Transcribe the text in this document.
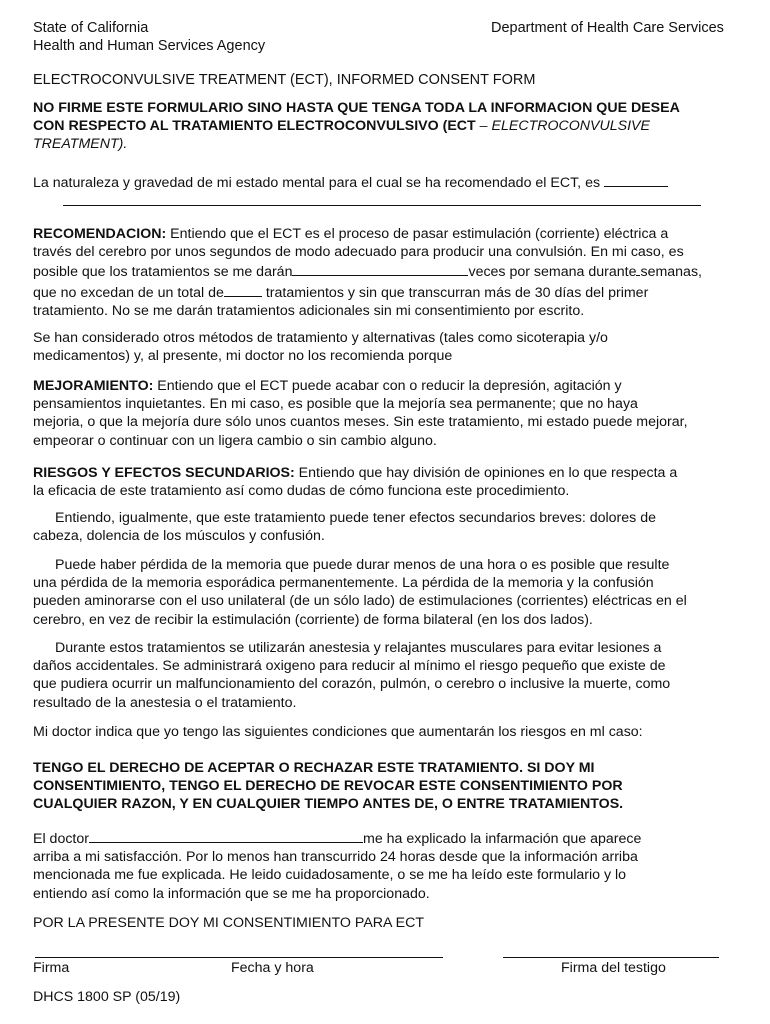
State of California
Health and Human Services Agency
Department of Health Care Services
ELECTROCONVULSIVE TREATMENT (ECT), INFORMED CONSENT FORM
NO FIRME ESTE FORMULARIO SINO HASTA QUE TENGA TODA LA INFORMACION QUE DESEA
CON RESPECTO AL TRATAMIENTO ELECTROCONVULSIVO (ECT – ELECTROCONVULSIVE
TREATMENT).
La naturaleza y gravedad de mi estado mental para el cual se ha recomendado el ECT, es
RECOMENDACION: Entiendo que el ECT es el proceso de pasar estimulación (corriente) eléctrica a
través del cerebro por unos segundos de modo adecuado para producir una convulsión. En mi caso, es
posible que los tratamientos se me darán	veces por semana durante semanas,
que no excedan de un total de	tratamientos y sin que transcurran más de 30 días del primer
tratamiento. No se me darán tratamientos adicionales sin mi consentimiento por escrito.
Se han considerado otros métodos de tratamiento y alternativas (tales como sicoterapia y/o
medicamentos) y, al presente, mi doctor no los recomienda porque
MEJORAMIENTO: Entiendo que el ECT puede acabar con o reducir la depresión, agitación y
pensamientos inquietantes. En mi caso, es posible que la mejoría sea permanente; que no haya
mejoria, o que la mejoría dure sólo unos cuantos meses. Sin este tratamiento, mi estado puede mejorar,
empeorar o continuar con un ligera cambio o sin cambio alguno.
RIESGOS Y EFECTOS SECUNDARIOS: Entiendo que hay división de opiniones en lo que respecta a
la eficacia de este tratamiento así como dudas de cómo funciona este procedimiento.
Entiendo, igualmente, que este tratamiento puede tener efectos secundarios breves: dolores de
cabeza, dolencia de los músculos y confusión.
Puede haber pérdida de la memoria que puede durar menos de una hora o es posible que resulte
una pérdida de la memoria esporádica permanentemente. La pérdida de la memoria y la confusión
pueden aminorarse con el uso unilateral (de un sólo lado) de estimulaciones (corrientes) eléctricas en el
cerebro, en vez de recibir la estimulación (corriente) de forma bilateral (en los dos lados).
Durante estos tratamientos se utilizarán anestesia y relajantes musculares para evitar lesiones a
daños accidentales. Se administrará oxigeno para reducir al mínimo el riesgo pequeño que existe de
que pudiera ocurrir un malfuncionamiento del corazón, pulmón, o cerebro o inclusive la muerte, como
resultado de la anestesia o el tratamiento.
Mi doctor indica que yo tengo las siguientes condiciones que aumentarán los riesgos en ml caso:
TENGO EL DERECHO DE ACEPTAR O RECHAZAR ESTE TRATAMIENTO. SI DOY MI
CONSENTIMIENTO, TENGO EL DERECHO DE REVOCAR ESTE CONSENTIMIENTO POR
CUALQUIER RAZON, Y EN CUALQUIER TIEMPO ANTES DE, O ENTRE TRATAMIENTOS.
El doctor	me ha explicado la infarmación que aparece
arriba a mi satisfacción. Por lo menos han transcurrido 24 horas desde que la información arriba
mencionada me fue explicada. He leido cuidadosamente, o se me ha leído este formulario y lo
entiendo así como la información que se me ha proporcionado.
POR LA PRESENTE DOY MI CONSENTIMIENTO PARA ECT
Firma	Fecha y hora	Firma del testigo
DHCS 1800 SP (05/19)
